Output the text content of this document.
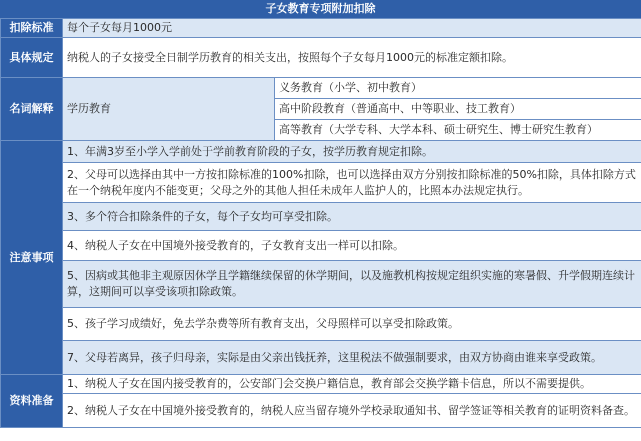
子女教育专项附加扣除
扣除标准	每个子女每月1000元	
具体规定	纳税人的子女接受全日制学历教育的相关支出，按照每个子女每月1000元的标准定额扣除。	
名词解释	学历教育	义务教育（小学、初中教育）
		高中阶段教育（普通高中、中等职业、技工教育）
		高等教育（大学专科、大学本科、硕士研究生、博士研究生教育）
注意事项	1、年满3岁至小学入学前处于学前教育阶段的子女，按学历教育规定扣除。	
	2、父母可以选择由其中一方按扣除标准的100%扣除，也可以选择由双方分别按扣除标准的50%扣除，具体扣除方式在一个纳税年度内不能变更；父母之外的其他人担任未成年人监护人的，比照本办法规定执行。	
	3、多个符合扣除条件的子女，每个子女均可享受扣除。	
	4、纳税人子女在中国境外接受教育的，子女教育支出一样可以扣除。	
	5、因病或其他非主观原因休学且学籍继续保留的休学期间，以及施教机构按规定组织实施的寒暑假、升学假期连续计算，这期间可以享受该项扣除政策。	
	5、孩子学习成绩好，免去学杂费等所有教育支出，父母照样可以享受扣除政策。	
	7、父母若离异，孩子归母亲，实际是由父亲出钱抚养，这里税法不做强制要求，由双方协商由谁来享受政策。	
资料准备	1、纳税人子女在国内接受教育的，公安部门会交换户籍信息，教育部会交换学籍卡信息，所以不需要提供。	
	2、纳税人子女在中国境外接受教育的，纳税人应当留存境外学校录取通知书、留学签证等相关教育的证明资料备查。	
